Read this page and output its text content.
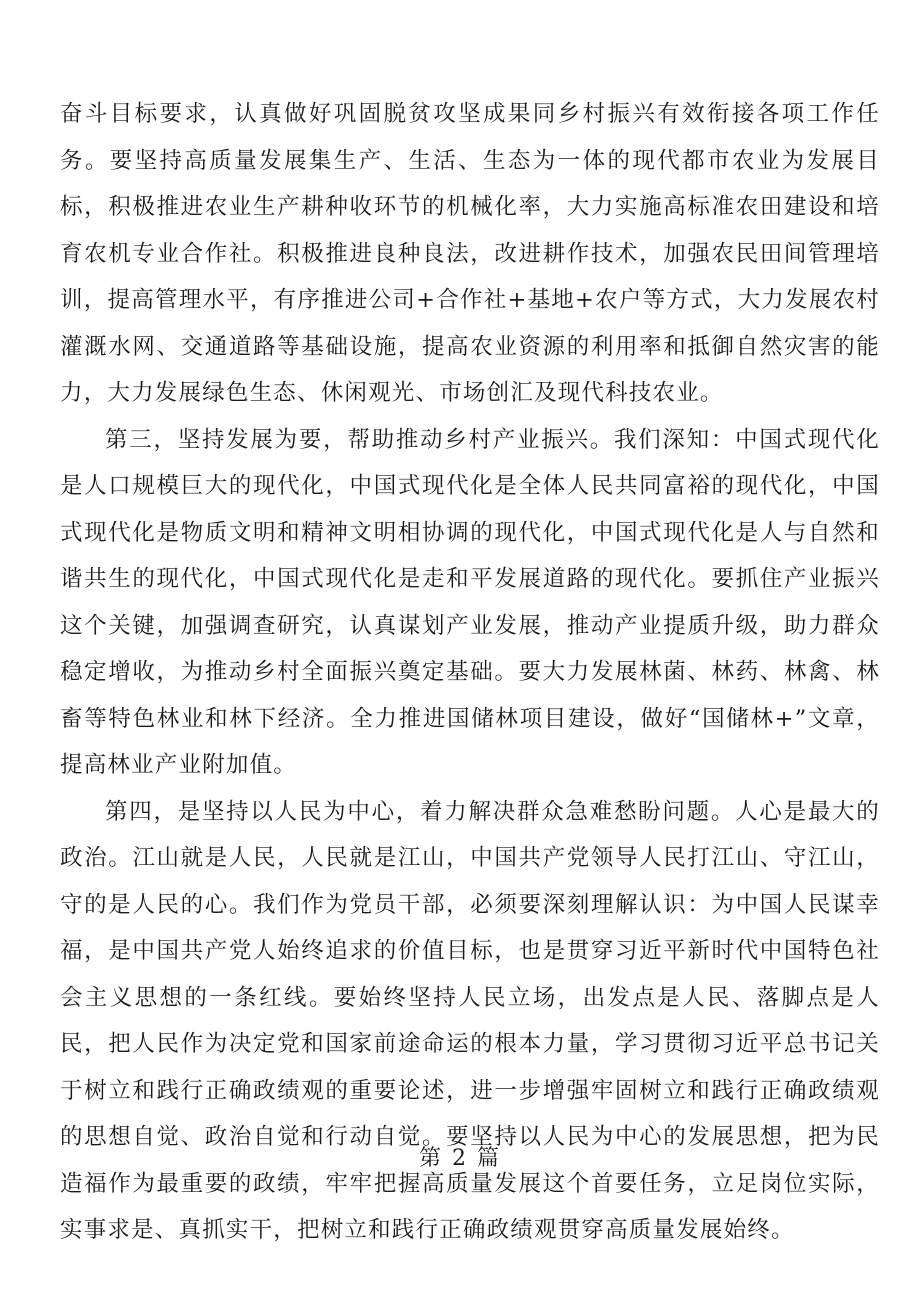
奋斗目标要求，认真做好巩固脱贫攻坚成果同乡村振兴有效衔接各项工作任务。要坚持高质量发展集生产、生活、生态为一体的现代都市农业为发展目标，积极推进农业生产耕种收环节的机械化率，大力实施高标准农田建设和培育农机专业合作社。积极推进良种良法，改进耕作技术，加强农民田间管理培训，提高管理水平，有序推进公司+合作社+基地+农户等方式，大力发展农村灌溉水网、交通道路等基础设施，提高农业资源的利用率和抵御自然灾害的能力，大力发展绿色生态、休闲观光、市场创汇及现代科技农业。

第三，坚持发展为要，帮助推动乡村产业振兴。我们深知：中国式现代化是人口规模巨大的现代化，中国式现代化是全体人民共同富裕的现代化，中国式现代化是物质文明和精神文明相协调的现代化，中国式现代化是人与自然和谐共生的现代化，中国式现代化是走和平发展道路的现代化。要抓住产业振兴这个关键，加强调查研究，认真谋划产业发展，推动产业提质升级，助力群众稳定增收，为推动乡村全面振兴奠定基础。要大力发展林菌、林药、林禽、林畜等特色林业和林下经济。全力推进国储林项目建设，做好“国储林+”文章，提高林业产业附加值。

第四，是坚持以人民为中心，着力解决群众急难愁盼问题。人心是最大的政治。江山就是人民，人民就是江山，中国共产党领导人民打江山、守江山，守的是人民的心。我们作为党员干部，必须要深刻理解认识：为中国人民谋幸福，是中国共产党人始终追求的价值目标，也是贯穿习近平新时代中国特色社会主义思想的一条红线。要始终坚持人民立场，出发点是人民、落脚点是人民，把人民作为决定党和国家前途命运的根本力量，学习贯彻习近平总书记关于树立和践行正确政绩观的重要论述，进一步增强牢固树立和践行正确政绩观的思想自觉、政治自觉和行动自觉。要坚持以人民为中心的发展思想，把为民造福作为最重要的政绩，牢牢把握高质量发展这个首要任务，立足岗位实际，实事求是、真抓实干，把树立和践行正确政绩观贯穿高质量发展始终。

第 2 篇
